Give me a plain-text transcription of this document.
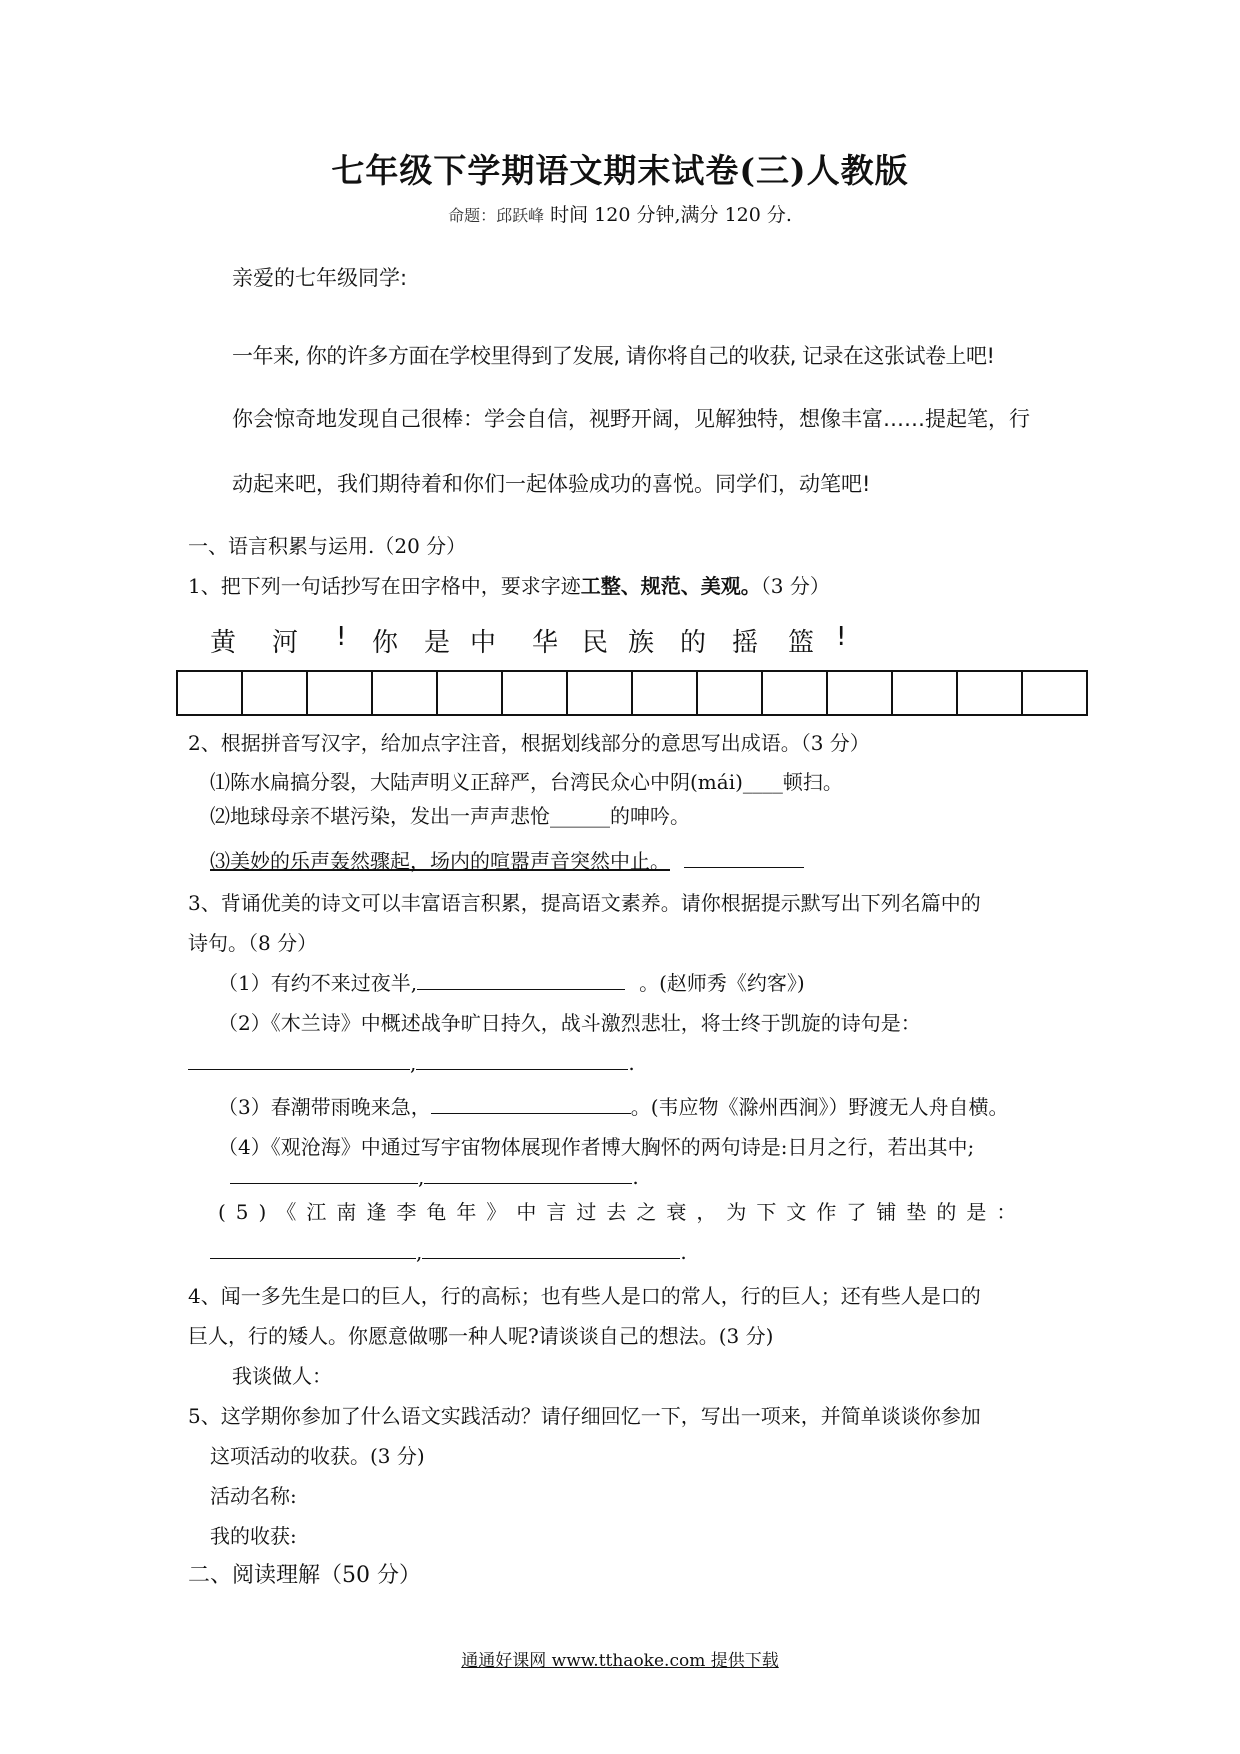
七年级下学期语文期末试卷(三)人教版
命题：邱跃峰 时间 120 分钟,满分 120 分.
亲爱的七年级同学:
一年来, 你的许多方面在学校里得到了发展, 请你将自己的收获, 记录在这张试卷上吧!
你会惊奇地发现自己很棒：学会自信，视野开阔，见解独特，想像丰富……提起笔，行
动起来吧，我们期待着和你们一起体验成功的喜悦。同学们，动笔吧!
一、语言积累与运用.（20 分）
1、把下列一句话抄写在田字格中，要求字迹工整、规范、美观。（3 分）
黄 河 ! 你 是 中 华 民 族 的 摇 篮 !
2、根据拼音写汉字，给加点字注音，根据划线部分的意思写出成语。（3 分）
⑴陈水扁搞分裂，大陆声明义正辞严，台湾民众心中阴(mái)____顿扫。
⑵地球母亲不堪污染，发出一声声悲怆______的呻吟。
⑶美妙的乐声轰然骤起，场内的喧嚣声音突然中止。
3、背诵优美的诗文可以丰富语言积累，提高语文素养。请你根据提示默写出下列名篇中的
诗句。（8 分）
（1）有约不来过夜半,	。(赵师秀《约客》)
（2）《木兰诗》中概述战争旷日持久，战斗激烈悲壮，将士终于凯旋的诗句是：
,	.
（3）春潮带雨晚来急，	。(韦应物《滁州西涧》）野渡无人舟自横。
（4）《观沧海》中通过写宇宙物体展现作者博大胸怀的两句诗是:日月之行，若出其中;
,	.
(5)《江南逢李龟年》中言过去之衰，为下文作了铺垫的是：
,	.
4、闻一多先生是口的巨人，行的高标；也有些人是口的常人，行的巨人；还有些人是口的
巨人，行的矮人。你愿意做哪一种人呢?请谈谈自己的想法。(3 分)
我谈做人：
5、这学期你参加了什么语文实践活动？请仔细回忆一下，写出一项来，并简单谈谈你参加
这项活动的收获。(3 分)
活动名称:
我的收获:
二、阅读理解（50 分）
通通好课网 www.tthaoke.com 提供下载
